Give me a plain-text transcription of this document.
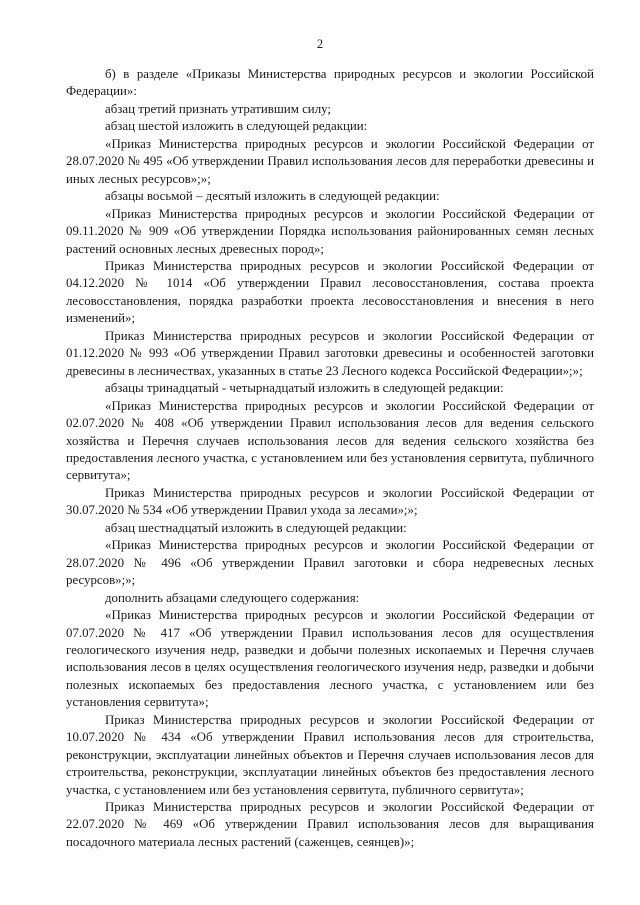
2

б) в разделе «Приказы Министерства природных ресурсов и экологии Российской Федерации»:

абзац третий признать утратившим силу;

абзац шестой изложить в следующей редакции:

«Приказ Министерства природных ресурсов и экологии Российской Федерации от 28.07.2020 № 495 «Об утверждении Правил использования лесов для переработки древесины и иных лесных ресурсов»;»;

абзацы восьмой – десятый изложить в следующей редакции:

«Приказ Министерства природных ресурсов и экологии Российской Федерации от 09.11.2020 № 909 «Об утверждении Порядка использования районированных семян лесных растений основных лесных древесных пород»;

Приказ Министерства природных ресурсов и экологии Российской Федерации от 04.12.2020 № 1014 «Об утверждении Правил лесовосстановления, состава проекта лесовосстановления, порядка разработки проекта лесовосстановления и внесения в него изменений»;

Приказ Министерства природных ресурсов и экологии Российской Федерации от 01.12.2020 № 993 «Об утверждении Правил заготовки древесины и особенностей заготовки древесины в лесничествах, указанных в статье 23 Лесного кодекса Российской Федерации»;»;

абзацы тринадцатый - четырнадцатый изложить в следующей редакции:

«Приказ Министерства природных ресурсов и экологии Российской Федерации от 02.07.2020 № 408 «Об утверждении Правил использования лесов для ведения сельского хозяйства и Перечня случаев использования лесов для ведения сельского хозяйства без предоставления лесного участка, с установлением или без установления сервитута, публичного сервитута»;

Приказ Министерства природных ресурсов и экологии Российской Федерации от 30.07.2020 № 534 «Об утверждении Правил ухода за лесами»;»;

абзац шестнадцатый изложить в следующей редакции:

«Приказ Министерства природных ресурсов и экологии Российской Федерации от 28.07.2020 № 496 «Об утверждении Правил заготовки и сбора недревесных лесных ресурсов»;»;

дополнить абзацами следующего содержания:

«Приказ Министерства природных ресурсов и экологии Российской Федерации от 07.07.2020 № 417 «Об утверждении Правил использования лесов для осуществления геологического изучения недр, разведки и добычи полезных ископаемых и Перечня случаев использования лесов в целях осуществления геологического изучения недр, разведки и добычи полезных ископаемых без предоставления лесного участка, с установлением или без установления сервитута»;

Приказ Министерства природных ресурсов и экологии Российской Федерации от 10.07.2020 № 434 «Об утверждении Правил использования лесов для строительства, реконструкции, эксплуатации линейных объектов и Перечня случаев использования лесов для строительства, реконструкции, эксплуатации линейных объектов без предоставления лесного участка, с установлением или без установления сервитута, публичного сервитута»;

Приказ Министерства природных ресурсов и экологии Российской Федерации от 22.07.2020 № 469 «Об утверждении Правил использования лесов для выращивания посадочного материала лесных растений (саженцев, сеянцев)»;
